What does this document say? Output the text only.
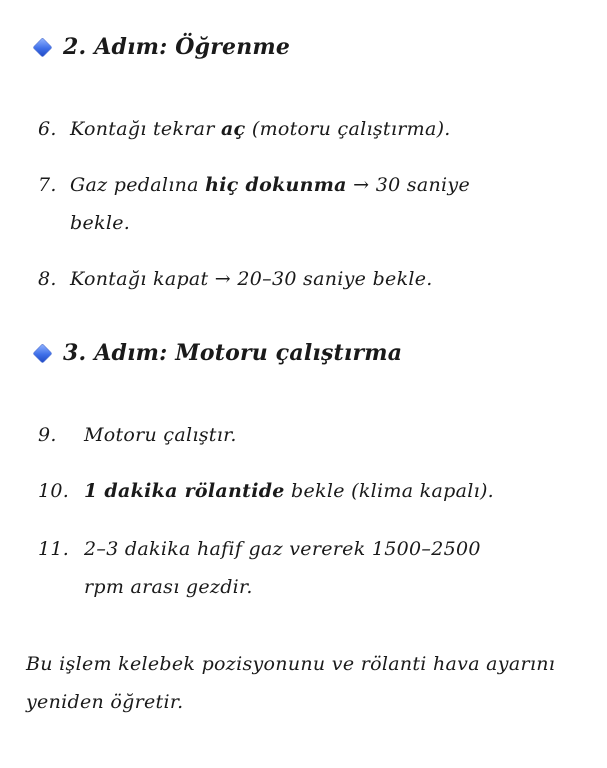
2. Adım: Öğrenme
6. Kontağı tekrar aç (motoru çalıştırma).
7. Gaz pedalına hiç dokunma → 30 saniye
bekle.
8. Kontağı kapat → 20–30 saniye bekle.
3. Adım: Motoru çalıştırma
9. Motoru çalıştır.
10. 1 dakika rölantide bekle (klima kapalı).
11. 2–3 dakika hafif gaz vererek 1500–2500
rpm arası gezdir.
Bu işlem kelebek pozisyonunu ve rölanti hava ayarını yeniden öğretir.
